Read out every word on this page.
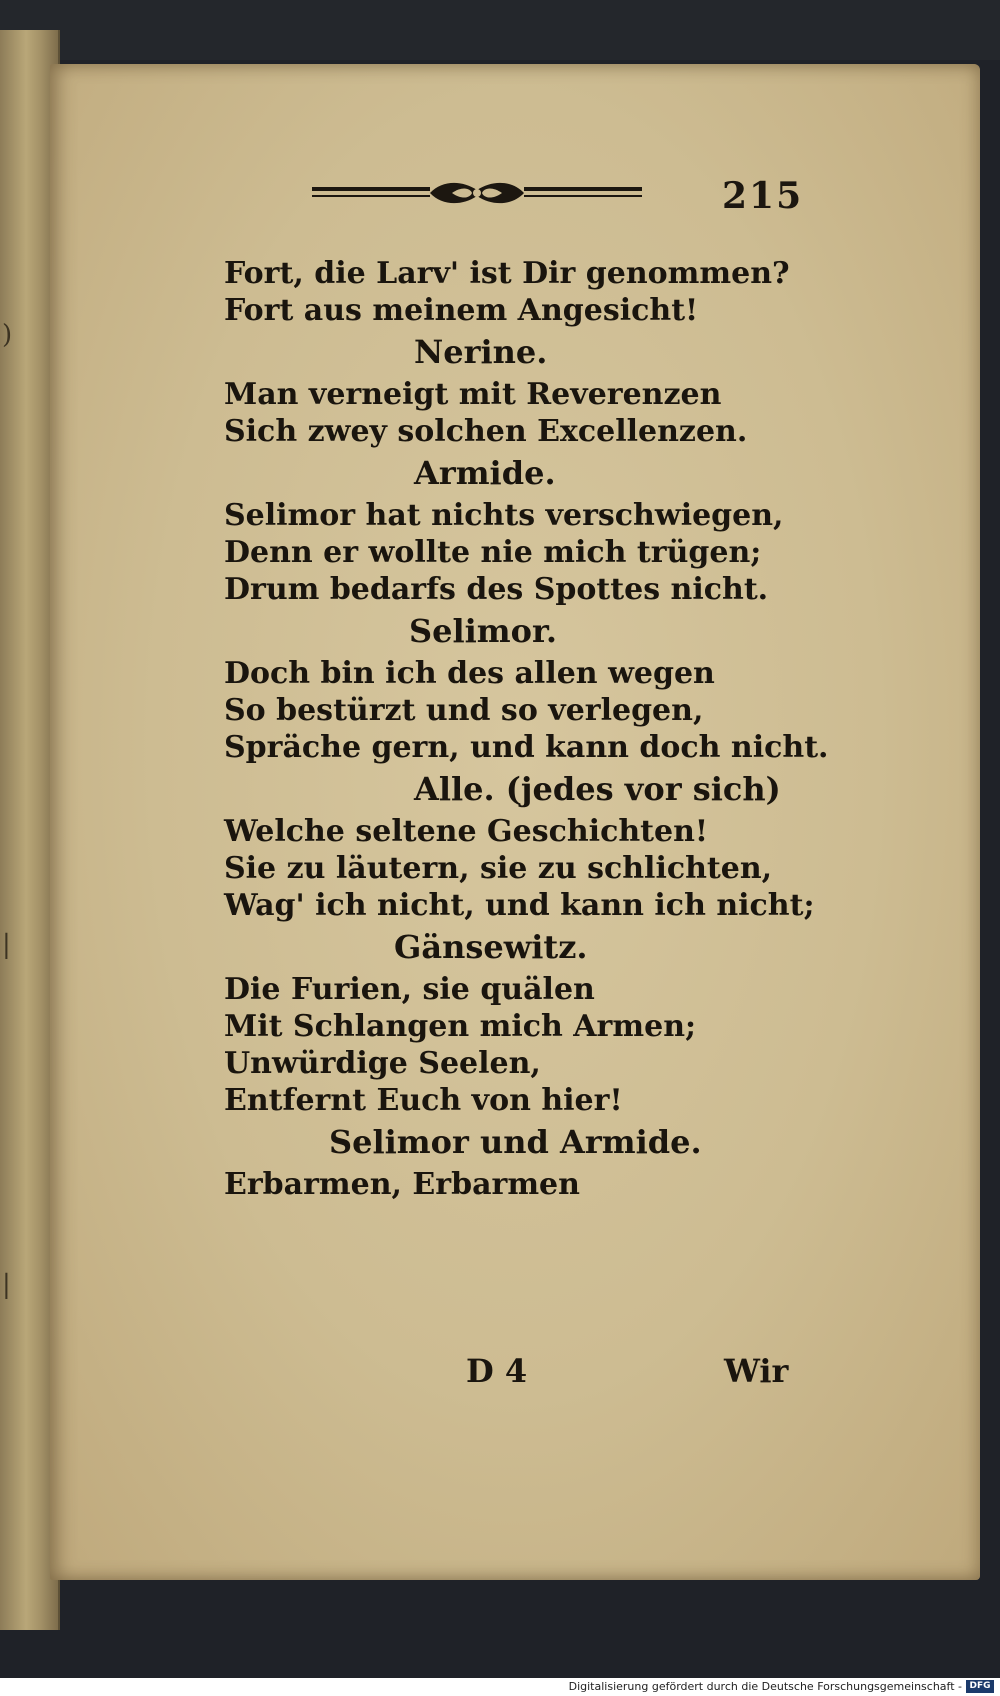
)
|
|
215
Fort, die Larv' ist Dir genommen?
Fort aus meinem Angesicht!
Nerine.
Man verneigt mit Reverenzen
Sich zwey solchen Excellenzen.
Armide.
Selimor hat nichts verschwiegen,
Denn er wollte nie mich trügen;
Drum bedarfs des Spottes nicht.
Selimor.
Doch bin ich des allen wegen
So bestürzt und so verlegen,
Spräche gern, und kann doch nicht.
Alle. (jedes vor sich)
Welche seltene Geschichten!
Sie zu läutern, sie zu schlichten,
Wag' ich nicht, und kann ich nicht;
Gänsewitz.
Die Furien, sie quälen
Mit Schlangen mich Armen;
Unwürdige Seelen,
Entfernt Euch von hier!
Selimor und Armide.
Erbarmen, Erbarmen
D 4	Wir
Digitalisierung gefördert durch die Deutsche Forschungsgemeinschaft - DFG
